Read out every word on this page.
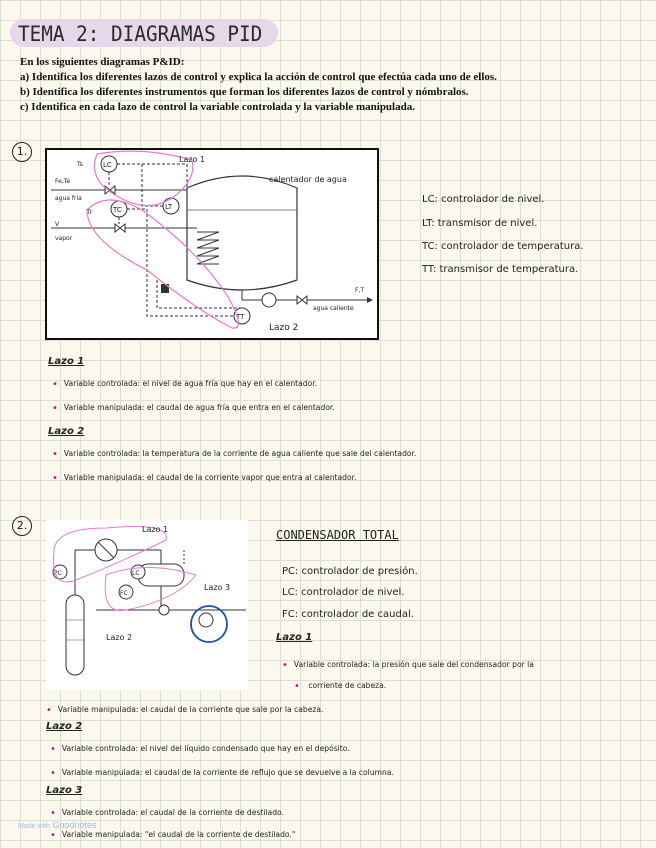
TEMA 2: DIAGRAMAS PID
En los siguientes diagramas P&ID:
a) Identifica los diferentes lazos de control y explica la acción de control que efectúa cada uno de ellos.
b) Identifica los diferentes instrumentos que forman los diferentes lazos de control y nómbralos.
c) Identifica en cada lazo de control la variable controlada y la variable manipulada.
1.
LC
LT
TC
TT
Fe,Te
Ts
agua fria
V
Tr
vapor
F,T
agua caliente
Lazo 1
Lazo 2
calentador de agua
LC: controlador de nivel.
LT: transmisor de nivel.
TC: controlador de temperatura.
TT: transmisor de temperatura.
Lazo 1
• Variable controlada: el nivel de agua fría que hay en el calentador.
• Variable manipulada: el caudal de agua fría que entra en el calentador.
Lazo 2
• Variable controlada: la temperatura de la corriente de agua caliente que sale del calentador.
• Variable manipulada: el caudal de la corriente vapor que entra al calentador.
2.
PC	LC
FC
Lazo 1
Lazo 2
Lazo 3
CONDENSADOR TOTAL
PC: controlador de presión.
LC: controlador de nivel.
FC: controlador de caudal.
Lazo 1
• Variable controlada: la presión que sale del condensador por la
• corriente de cabeza.
• Variable manipulada: el caudal de la corriente que sale por la cabeza.
Lazo 2
• Variable controlada: el nivel del líquido condensado que hay en el depósito.
• Variable manipulada: el caudal de la corriente de reflujo que se devuelve a la columna.
Lazo 3
• Variable controlada: el caudal de la corriente de destilado.
• Variable manipulada: "el caudal de la corriente de destilado."
Made with Goodnotes
